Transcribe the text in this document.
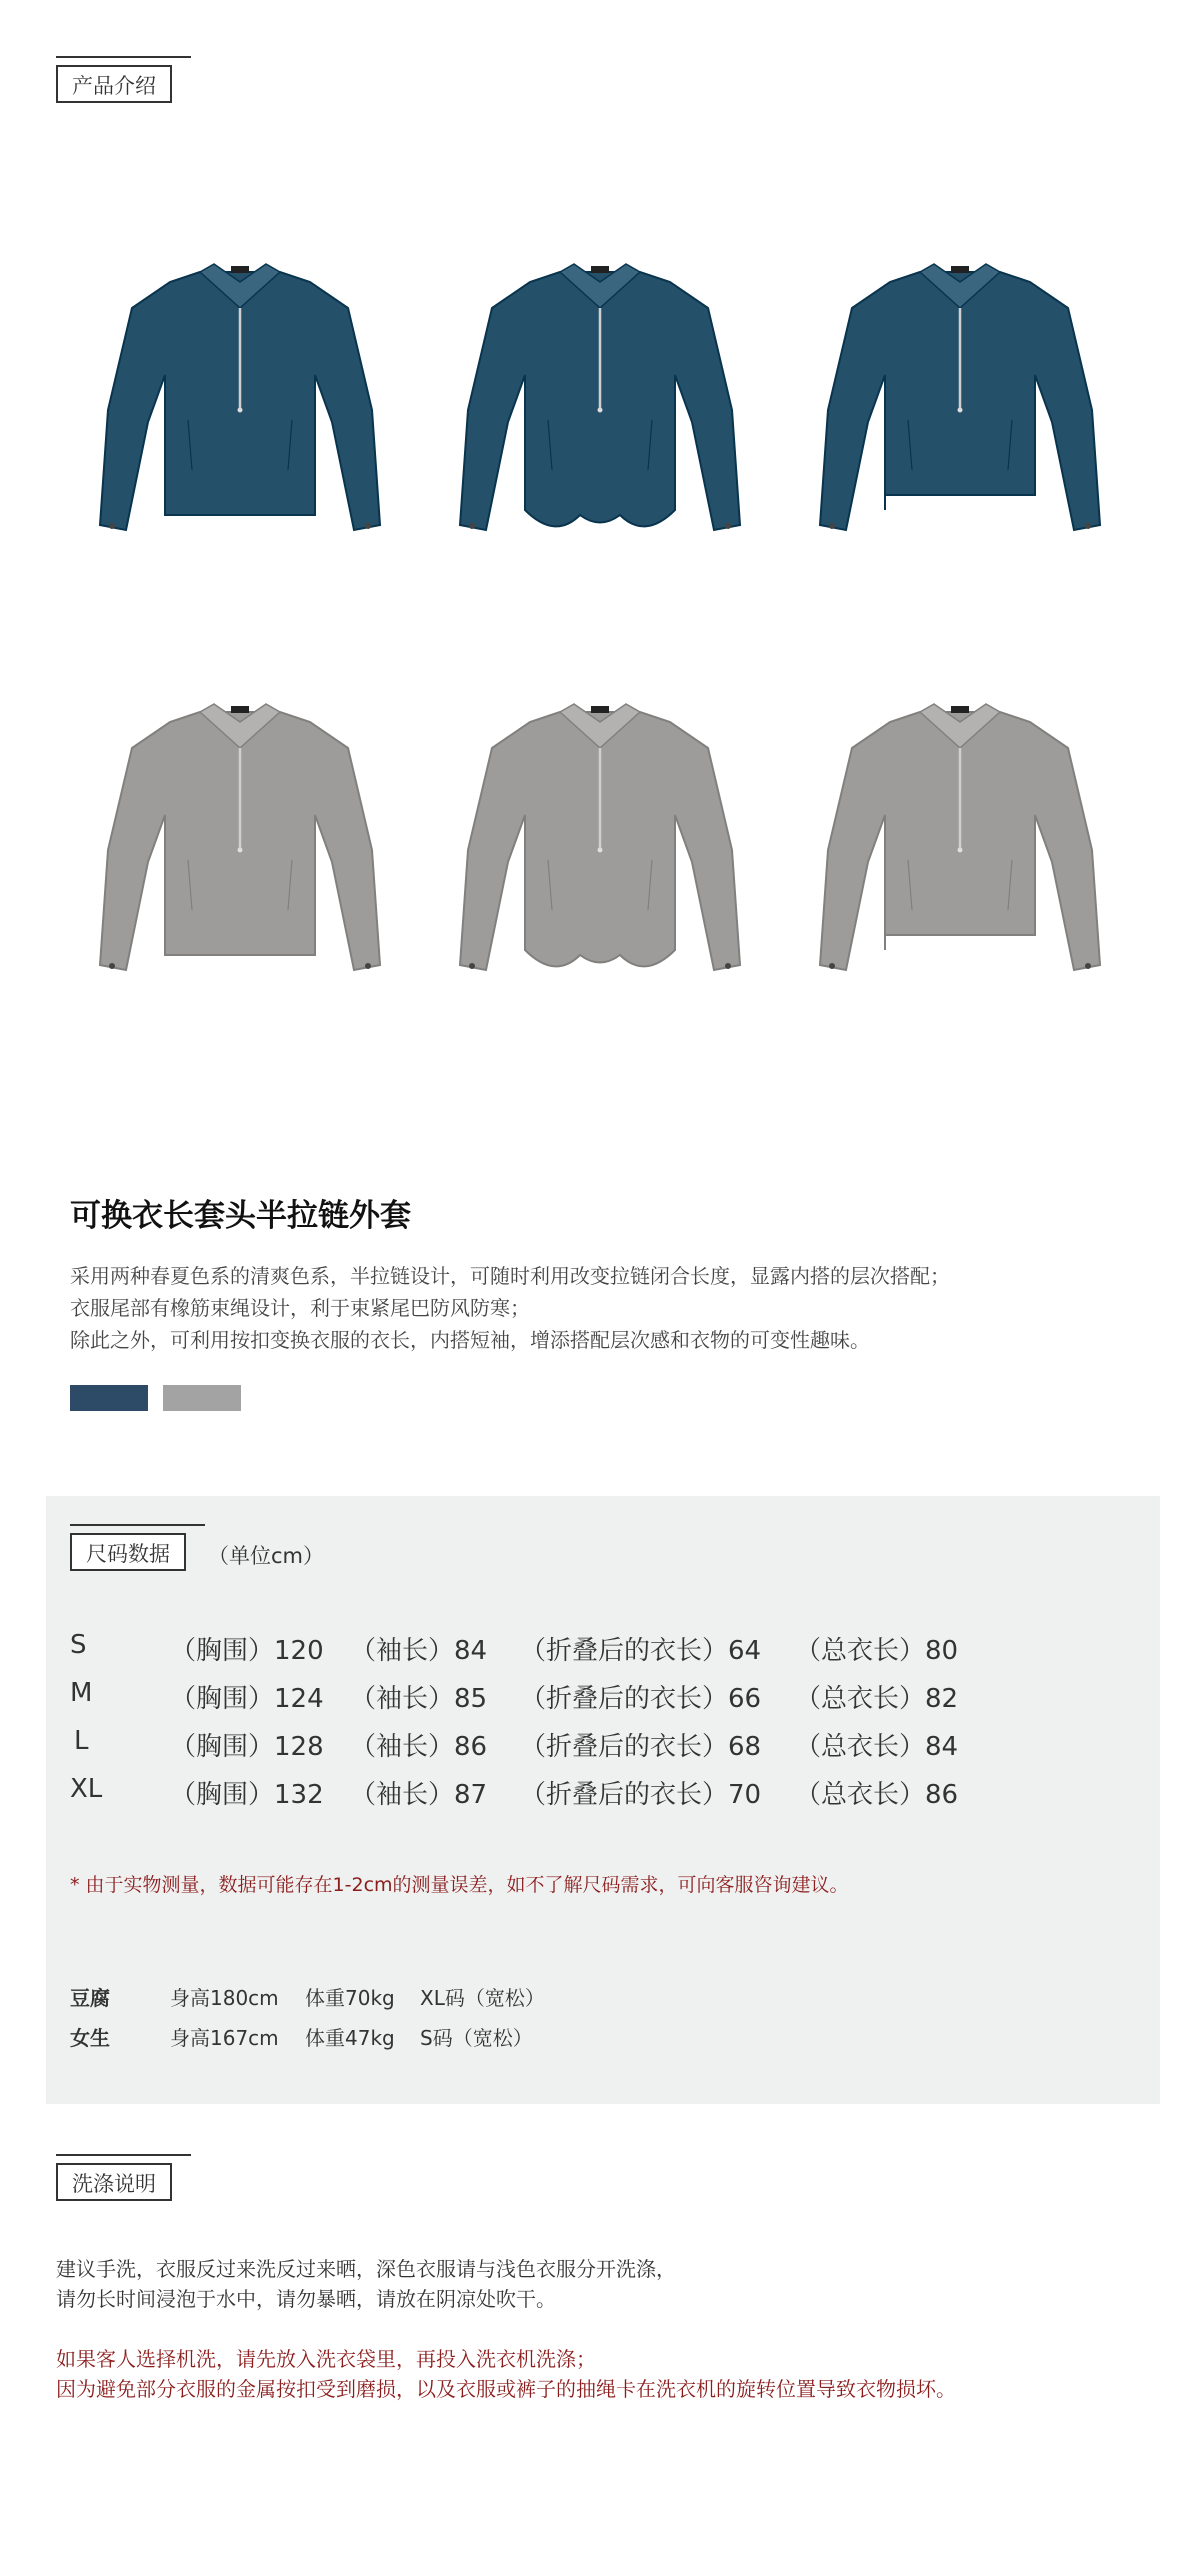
产品介绍
可换衣长套头半拉链外套
采用两种春夏色系的清爽色系，半拉链设计，可随时利用改变拉链闭合长度，显露内搭的层次搭配；
衣服尾部有橡筋束绳设计，利于束紧尾巴防风防寒；
除此之外，可利用按扣变换衣服的衣长，内搭短袖，增添搭配层次感和衣物的可变性趣味。
尺码数据	（单位cm）
S	（胸围）120 （袖长）84 （折叠后的衣长）64 （总衣长）80
M	（胸围）124 （袖长）85 （折叠后的衣长）66 （总衣长）82
L	（胸围）128 （袖长）86 （折叠后的衣长）68 （总衣长）84
XL	（胸围）132 （袖长）87 （折叠后的衣长）70 （总衣长）86
* 由于实物测量，数据可能存在1-2cm的测量误差，如不了解尺码需求，可向客服咨询建议。
豆腐	身高180cm 体重70kg XL码（宽松）
女生	身高167cm 体重47kg S码（宽松）
洗涤说明
建议手洗，衣服反过来洗反过来晒，深色衣服请与浅色衣服分开洗涤，
请勿长时间浸泡于水中，请勿暴晒，请放在阴凉处吹干。
如果客人选择机洗，请先放入洗衣袋里，再投入洗衣机洗涤；
因为避免部分衣服的金属按扣受到磨损，以及衣服或裤子的抽绳卡在洗衣机的旋转位置导致衣物损坏。
